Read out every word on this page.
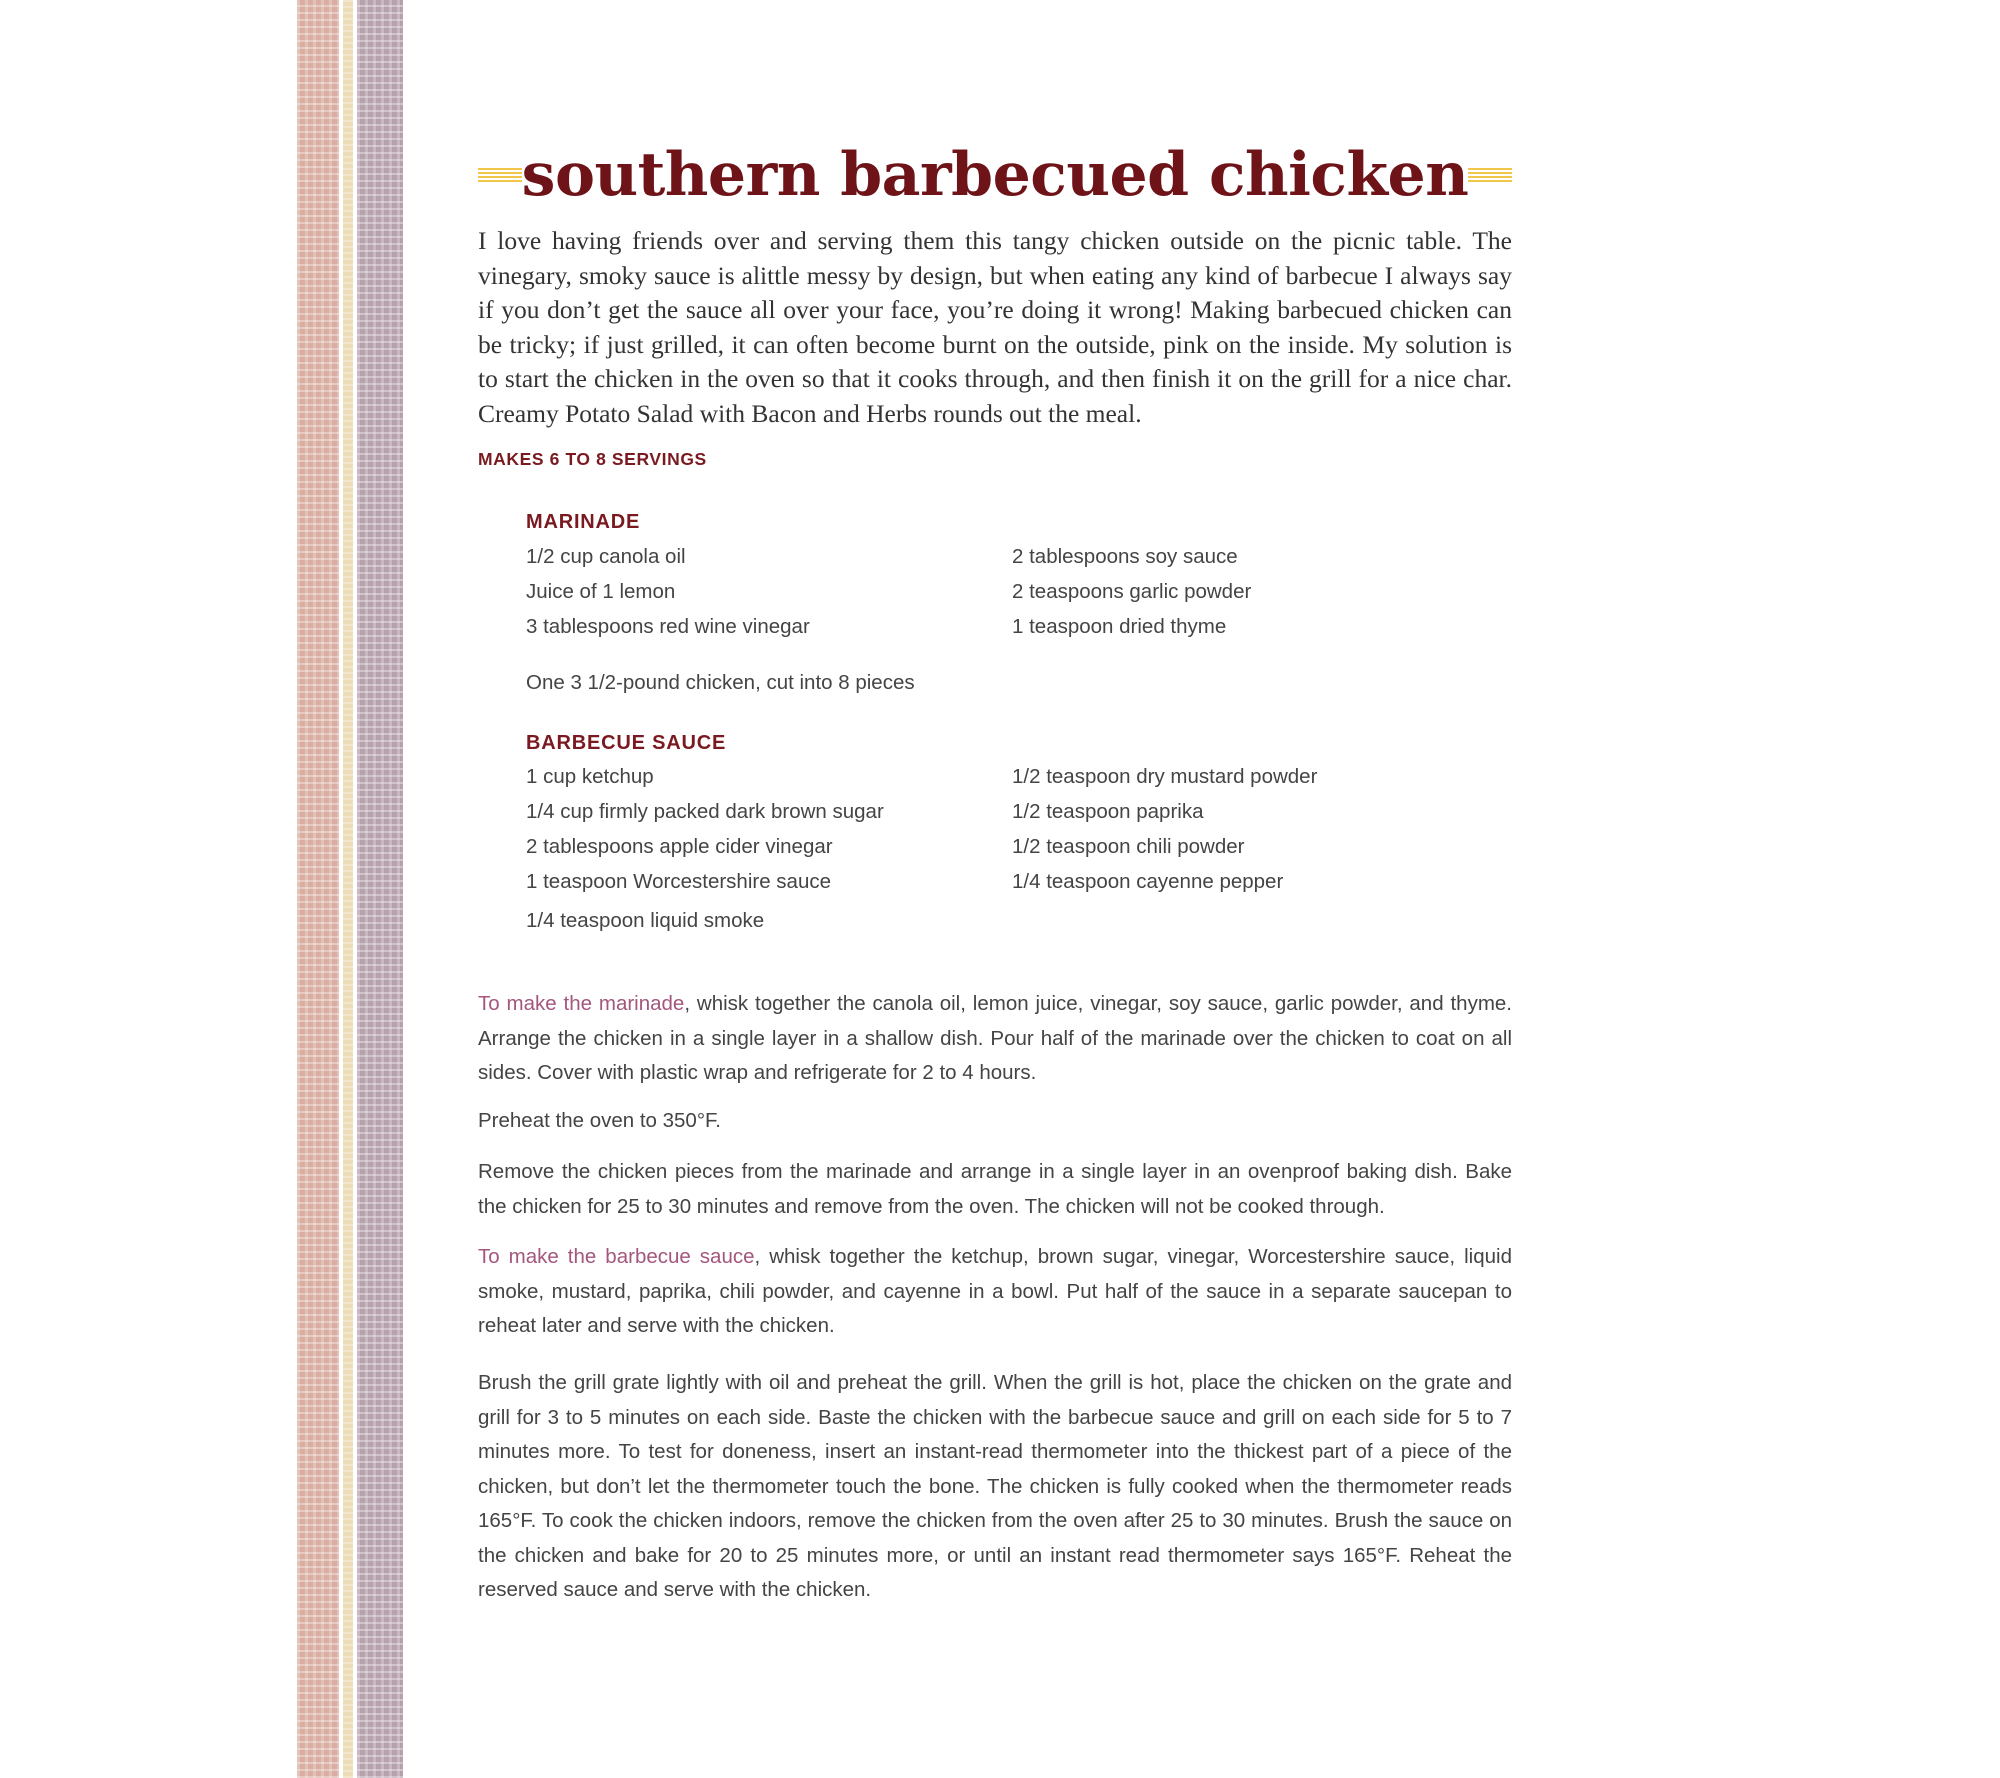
southern barbecued chicken

I love having friends over and serving them this tangy chicken outside on the picnic table. The vinegary, smoky sauce is alittle messy by design, but when eating any kind of barbecue I always say if you don’t get the sauce all over your face, you’re doing it wrong! Making barbecued chicken can be tricky; if just grilled, it can often become burnt on the outside, pink on the inside. My solution is to start the chicken in the oven so that it cooks through, and then finish it on the grill for a nice char. Creamy Potato Salad with Bacon and Herbs rounds out the meal.

MAKES 6 TO 8 SERVINGS
MARINADE
1/2 cup canola oil
Juice of 1 lemon
3 tablespoons red wine vinegar
2 tablespoons soy sauce
2 teaspoons garlic powder
1 teaspoon dried thyme
One 3 1/2-pound chicken, cut into 8 pieces
BARBECUE SAUCE
1 cup ketchup
1/4 cup firmly packed dark brown sugar
2 tablespoons apple cider vinegar
1 teaspoon Worcestershire sauce
1/4 teaspoon liquid smoke
1/2 teaspoon dry mustard powder
1/2 teaspoon paprika
1/2 teaspoon chili powder
1/4 teaspoon cayenne pepper

To make the marinade, whisk together the canola oil, lemon juice, vinegar, soy sauce, garlic powder, and thyme. Arrange the chicken in a single layer in a shallow dish. Pour half of the marinade over the chicken to coat on all sides. Cover with plastic wrap and refrigerate for 2 to 4 hours.

Preheat the oven to 350°F.

Remove the chicken pieces from the marinade and arrange in a single layer in an ovenproof baking dish. Bake the chicken for 25 to 30 minutes and remove from the oven. The chicken will not be cooked through.

To make the barbecue sauce, whisk together the ketchup, brown sugar, vinegar, Worcestershire sauce, liquid smoke, mustard, paprika, chili powder, and cayenne in a bowl. Put half of the sauce in a separate saucepan to reheat later and serve with the chicken.

Brush the grill grate lightly with oil and preheat the grill. When the grill is hot, place the chicken on the grate and grill for 3 to 5 minutes on each side. Baste the chicken with the barbecue sauce and grill on each side for 5 to 7 minutes more. To test for doneness, insert an instant-read thermometer into the thickest part of a piece of the chicken, but don’t let the thermometer touch the bone. The chicken is fully cooked when the thermometer reads 165°F. To cook the chicken indoors, remove the chicken from the oven after 25 to 30 minutes. Brush the sauce on the chicken and bake for 20 to 25 minutes more, or until an instant read thermometer says 165°F. Reheat the reserved sauce and serve with the chicken.
